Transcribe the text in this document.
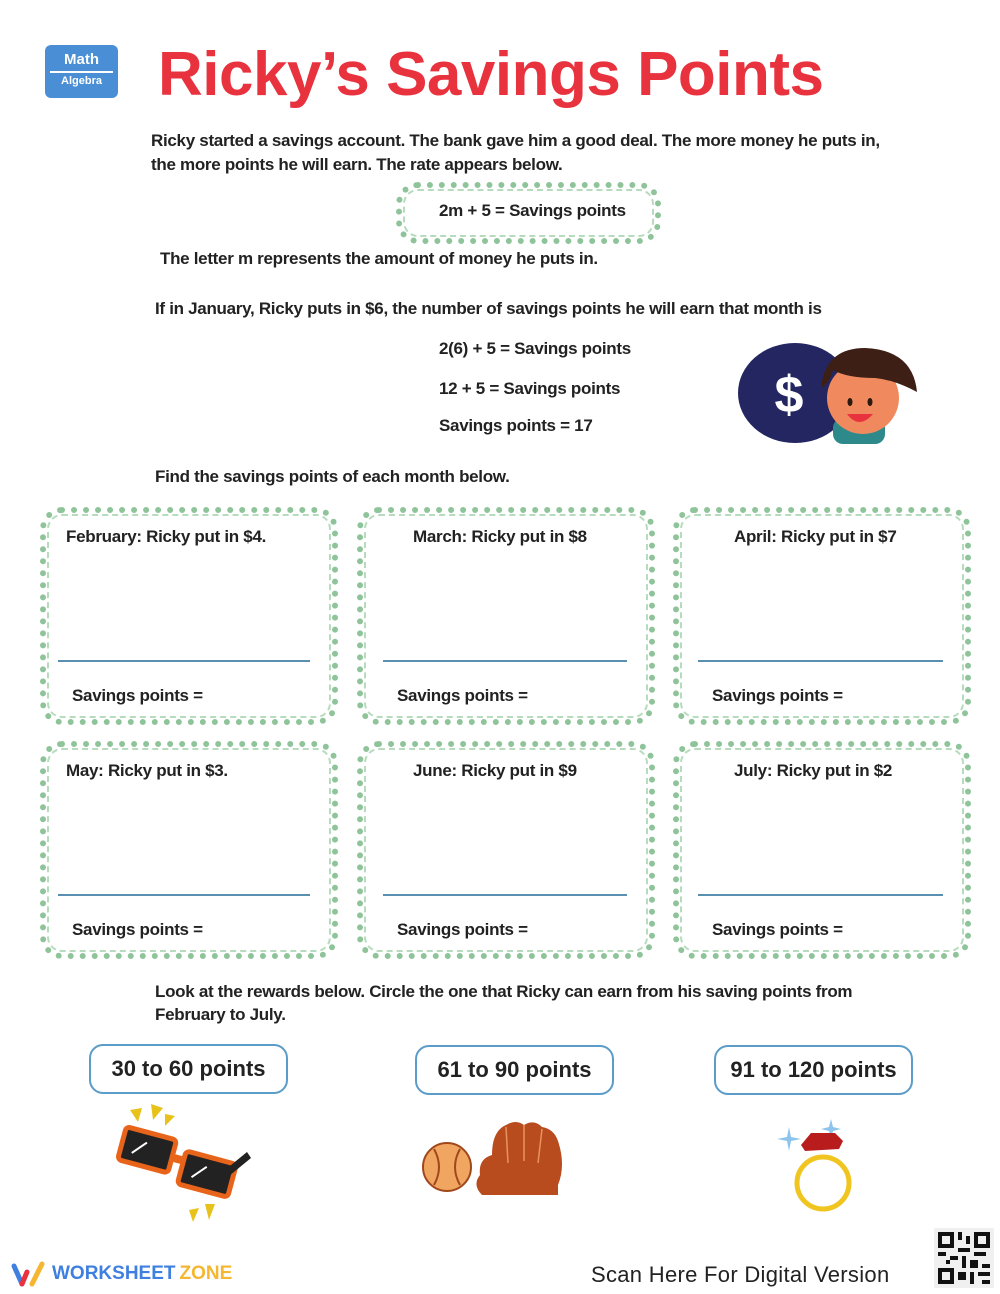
Math
Algebra Ricky’s Savings Points
Ricky started a savings account. The bank gave him a good deal. The more money he puts in,
the more points he will earn. The rate appears below.
2m + 5 = Savings points
The letter m represents the amount of money he puts in.
If in January, Ricky puts in $6, the number of savings points he will earn that month is
2(6) + 5 = Savings points
12 + 5 = Savings points
Savings points = 17
$
Find the savings points of each month below.
February: Ricky put in $4.
Savings points =
March: Ricky put in $8
Savings points =
April: Ricky put in $7
Savings points =
May: Ricky put in $3.
Savings points =
June: Ricky put in $9
Savings points =
July: Ricky put in $2
Savings points =
Look at the rewards below. Circle the one that Ricky can earn from his saving points from
February to July.
30 to 60 points	61 to 90 points	91 to 120 points
WORKSHEET ZONE	Scan Here For Digital Version
